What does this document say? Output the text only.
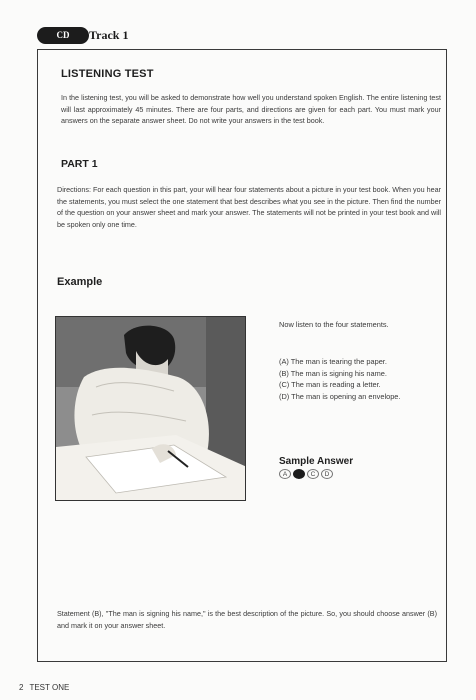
CD	Track 1
LISTENING TEST
In the listening test, you will be asked to demonstrate how well you understand spoken English. The entire listening test will last approximately 45 minutes. There are four parts, and directions are given for each part. You must mark your answers on the separate answer sheet. Do not write your answers in the test book.
PART 1
Directions: For each question in this part, your will hear four statements about a picture in your test book. When you hear the statements, you must select the one statement that best describes what you see in the picture. Then find the number of the question on your answer sheet and mark your answer. The statements will not be printed in your test book and will be spoken only one time.
Example
Now listen to the four statements.
(A) The man is tearing the paper.
(B) The man is signing his name.
(C) The man is reading a letter.
(D) The man is opening an envelope.
Sample Answer
A	B	C	D
Statement (B), "The man is signing his name," is the best description of the picture. So, you should choose answer (B) and mark it on your answer sheet.
2 TEST ONE
